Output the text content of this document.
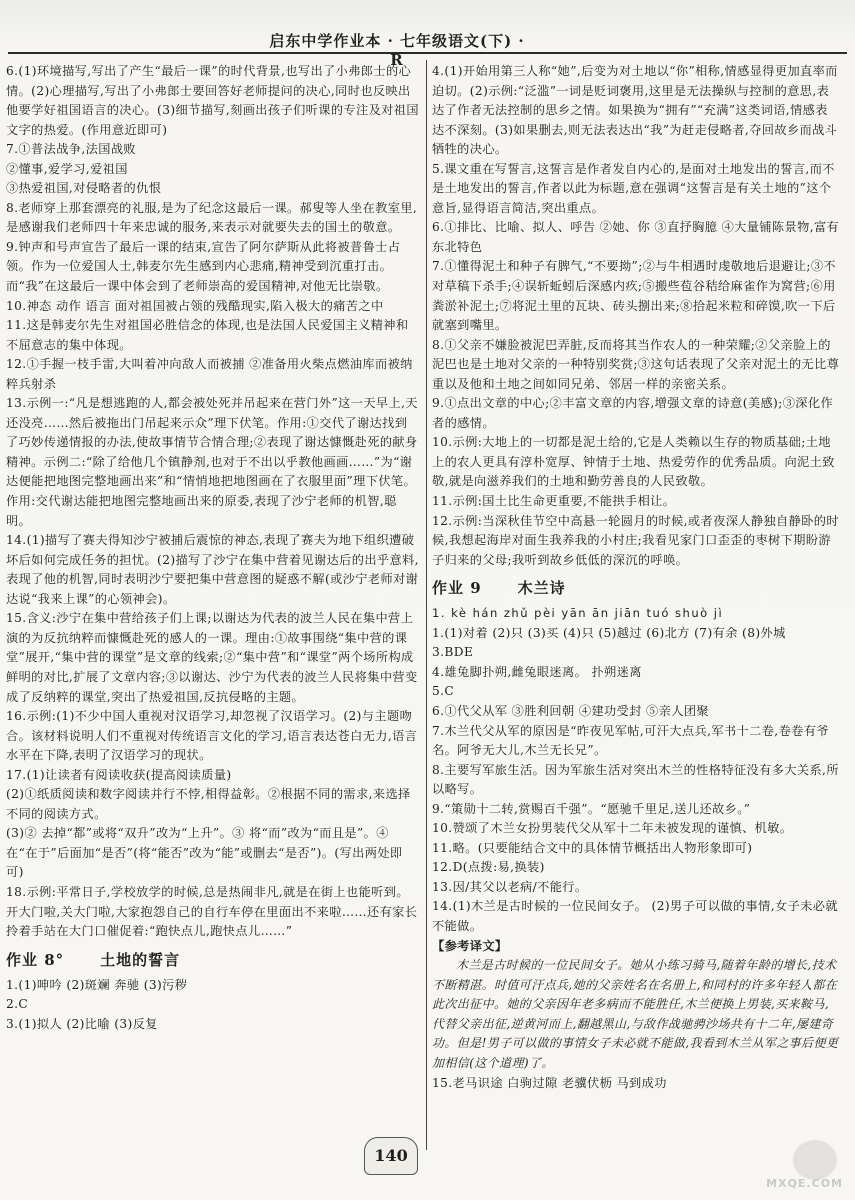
启东中学作业本 · 七年级语文(下) · R

6.(1)环境描写,写出了产生“最后一课”的时代背景,也写出了小弗郎士的心情。(2)心理描写,写出了小弗郎士要回答好老师提问的决心,同时也反映出他要学好祖国语言的决心。(3)细节描写,刻画出孩子们听课的专注及对祖国文字的热爱。(作用意近即可)

7.①普法战争,法国战败

②懂事,爱学习,爱祖国

③热爱祖国,对侵略者的仇恨

8.老师穿上那套漂亮的礼服,是为了纪念这最后一课。郝叟等人坐在教室里,是感谢我们老师四十年来忠诚的服务,来表示对就要失去的国土的敬意。

9.钟声和号声宣告了最后一课的结束,宣告了阿尔萨斯从此将被普鲁士占领。作为一位爱国人士,韩麦尔先生感到内心悲痛,精神受到沉重打击。而“我”在这最后一课中体会到了老师崇高的爱国精神,对他无比崇敬。

10.神态 动作 语言 面对祖国被占领的残酷现实,陷入极大的痛苦之中

11.这是韩麦尔先生对祖国必胜信念的体现,也是法国人民爱国主义精神和不屈意志的集中体现。

12.①手握一枝手雷,大叫着冲向敌人而被捕 ②准备用火柴点燃油库而被纳粹兵射杀

13.示例一:“凡是想逃跑的人,都会被处死并吊起来在营门外”这一天早上,天还没亮……然后被拖出门吊起来示众”理下伏笔。作用:①交代了谢达找到了巧妙传递情报的办法,使故事情节合情合理;②表现了谢达慷慨赴死的献身精神。示例二:“除了给他几个镇静剂,也对于不出以乎教他画画……”为“谢达便能把地图完整地画出来”和“情悄地把地图画在了衣服里面”理下伏笔。作用:交代谢达能把地图完整地画出来的原委,表现了沙宁老师的机智,聪明。

14.(1)描写了赛夫得知沙宁被捕后震惊的神态,表现了赛夫为地下组织遭破坏后如何完成任务的担忧。(2)描写了沙宁在集中营着见谢达后的出乎意料,表现了他的机智,同时表明沙宁要把集中营意图的疑惑不解(或沙宁老师对谢达说“我来上课”的心领神会)。

15.含义:沙宁在集中营给孩子们上课;以谢达为代表的波兰人民在集中营上演的为反抗纳粹而慷慨赴死的感人的一课。理由:①故事围绕“集中营的课堂”展开,“集中营的课堂”是文章的线索;②“集中营”和“课堂”两个场所构成鲜明的对比,扩展了文章内容;③以谢达、沙宁为代表的波兰人民将集中营变成了反纳粹的课堂,突出了热爱祖国,反抗侵略的主题。

16.示例:(1)不少中国人重视对汉语学习,却忽视了汉语学习。(2)与主题吻合。该材料说明人们不重视对传统语言文化的学习,语言表达苍白无力,语言水平在下降,表明了汉语学习的现状。

17.(1)让读者有阅读收获(提高阅读质量)

(2)①纸质阅读和数字阅读并行不悖,相得益彰。②根据不同的需求,来选择不同的阅读方式。

(3)② 去掉“都”或将“双升”改为“上升”。③ 将“而”改为“而且是”。④ 在“在于”后面加“是否”(将“能否”改为“能”或删去“是否”)。(写出两处即可)

18.示例:平常日子,学校放学的时候,总是热闹非凡,就是在街上也能听到。开大门啦,关大门啦,大家抱怨自己的自行车停在里面出不来啦……还有家长拎着手站在大门口催促着:“跑快点儿,跑快点儿……”

作业 8° 土地的誓言

1.(1)呻吟 (2)斑斓 奔驰 (3)污秽

2.C

3.(1)拟人 (2)比喻 (3)反复

4.(1)开始用第三人称“她”,后变为对土地以“你”相称,情感显得更加直率而迫切。(2)示例:“泛滥”一词是贬词褒用,这里是无法操纵与控制的意思,表达了作者无法控制的思乡之情。如果换为“拥有”“充满”这类词语,情感表达不深刻。(3)如果删去,则无法表达出“我”为赶走侵略者,夺回故乡而战斗牺牲的决心。

5.课文重在写誓言,这誓言是作者发自内心的,是面对土地发出的誓言,而不是土地发出的誓言,作者以此为标题,意在强调“这誓言是有关土地的”这个意旨,显得语言简洁,突出重点。

6.①排比、比喻、拟人、呼告 ②她、你 ③直抒胸臆 ④大量铺陈景物,富有东北特色

7.①懂得泥土和种子有脾气,“不要拗”;②与牛相遇时虔敬地后退避让;③不对草稿下杀手;④误斩蚯蚓后深感内疚;⑤搬些苞谷秸给麻雀作为窝营;⑥用粪淤补泥土;⑦将泥土里的瓦块、砖头捌出来;⑧拾起米粒和碎馍,吹一下后就塞到嘴里。

8.①父亲不嫌脸被泥巴弄脏,反而将其当作农人的一种荣耀;②父亲脸上的泥巴也是土地对父亲的一种特别奖赏;③这句话表现了父亲对泥土的无比尊重以及他和土地之间如同兄弟、邻居一样的亲密关系。

9.①点出文章的中心;②丰富文章的内容,增强文章的诗意(美感);③深化作者的感情。

10.示例:大地上的一切都是泥土给的,它是人类赖以生存的物质基础;土地上的农人更具有淳朴宽厚、钟情于土地、热爱劳作的优秀品质。向泥土致敬,就是向滋养我们的土地和勤劳善良的人民致敬。

11.示例:国土比生命更重要,不能拱手相让。

12.示例:当深秋佳节空中高悬一轮圆月的时候,或者夜深人静独自静卧的时候,我想起海岸对面生我养我的小村庄;我看见家门口歪歪的枣树下期盼游子归来的父母;我听到故乡低低的深沉的呼唤。

作业 9 木兰诗

1. kè hán zhǔ pèi yān ān jiān tuó shuò jì

1.(1)对着 (2)只 (3)买 (4)只 (5)越过 (6)北方 (7)有余 (8)外城

3.BDE

4.雄兔脚扑朔,雌兔眼迷离。 扑朔迷离

5.C

6.①代父从军 ③胜利回朝 ④建功受封 ⑤亲人团聚

7.木兰代父从军的原因是“昨夜见军帖,可汗大点兵,军书十二卷,卷卷有爷名。阿爷无大儿,木兰无长兄”。

8.主要写军旅生活。因为军旅生活对突出木兰的性格特征没有多大关系,所以略写。

9.“策勋十二转,赏赐百千强”。“愿驰千里足,送儿还故乡。”

10.赞颂了木兰女扮男装代父从军十二年未被发现的谨慎、机敏。

11.略。(只要能结合文中的具体情节概括出人物形象即可)

12.D(点拨:易,换装)

13.因/其父以老病/不能行。

14.(1)木兰是古时候的一位民间女子。 (2)男子可以做的事情,女子未必就不能做。

【参考译文】

木兰是古时候的一位民间女子。她从小练习骑马,随着年龄的增长,技术不断精湛。时值可汗点兵,她的父亲姓名在名册上,和同村的许多年轻人都在此次出征中。她的父亲因年老多病而不能胜任,木兰便换上男装,买来鞍马,代替父亲出征,逆黄河而上,翻越黑山,与敌作战驰骋沙场共有十二年,屡建奇功。但是!男子可以做的事情女子未必就不能做,我看到木兰从军之事后便更加相信(这个道理)了。

15.老马识途 白驹过隙 老骥伏枥 马到成功

140
MXQE.COM
